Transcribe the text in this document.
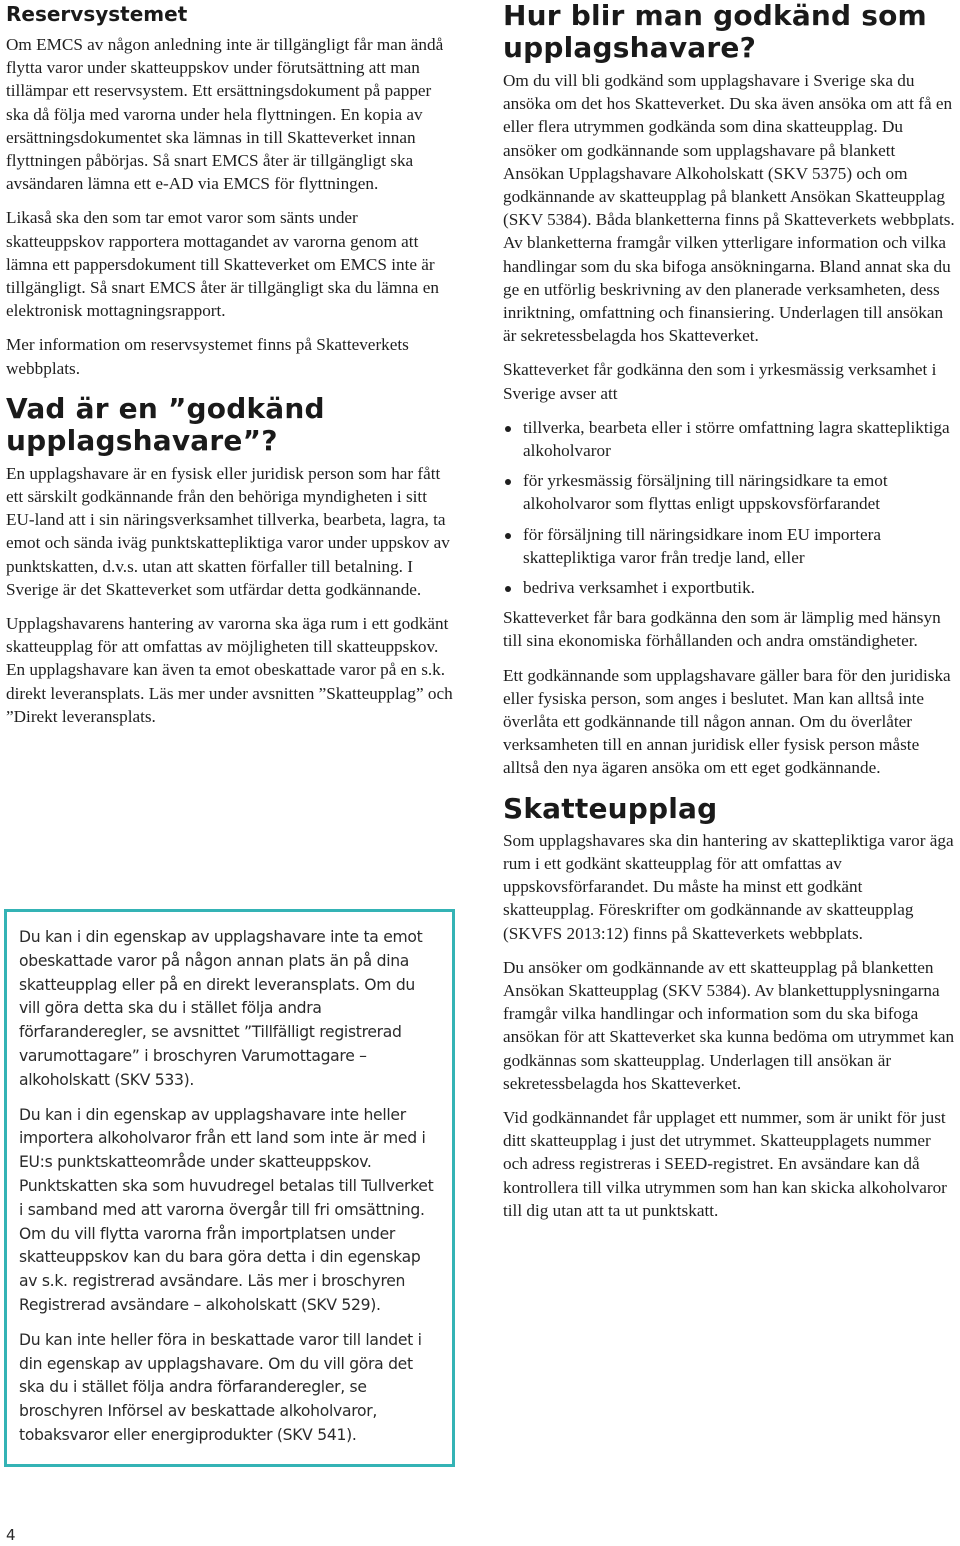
Reservsystemet

Om EMCS av någon anledning inte är tillgängligt får man ändå flytta varor under skatteuppskov under förutsättning att man tillämpar ett reservsystem. Ett ersättningsdokument på papper ska då följa med varorna under hela flyttningen. En kopia av ersättningsdokumentet ska lämnas in till Skatteverket innan flyttningen påbörjas. Så snart EMCS åter är tillgängligt ska avsändaren lämna ett e-AD via EMCS för flyttningen.

Likaså ska den som tar emot varor som sänts under skatteuppskov rapportera mottagandet av varorna genom att lämna ett pappersdokument till Skatteverket om EMCS inte är tillgängligt. Så snart EMCS åter är tillgängligt ska du lämna en elektronisk mottagningsrapport.

Mer information om reservsystemet finns på Skatteverkets webbplats.

Vad är en ”godkänd upplagshavare”?

En upplagshavare är en fysisk eller juridisk person som har fått ett särskilt godkännande från den behöriga myndigheten i sitt EU-land att i sin näringsverksamhet tillverka, bearbeta, lagra, ta emot och sända iväg punktskattepliktiga varor under uppskov av punktskatten, d.v.s. utan att skatten förfaller till betalning. I Sverige är det Skatteverket som utfärdar detta godkännande.

Upplagshavarens hantering av varorna ska äga rum i ett godkänt skatteupplag för att omfattas av möjligheten till skatteuppskov. En upplagshavare kan även ta emot obeskattade varor på en s.k. direkt leveransplats. Läs mer under avsnitten ”Skatteupplag” och ”Direkt leveransplats.

Du kan i din egenskap av upplagshavare inte ta emot obeskattade varor på någon annan plats än på dina skatteupplag eller på en direkt leveransplats. Om du vill göra detta ska du i stället följa andra förfaranderegler, se avsnittet ”Tillfälligt registrerad varumottagare” i broschyren Varumottagare – alkoholskatt (SKV 533).

Du kan i din egenskap av upplagshavare inte heller importera alkoholvaror från ett land som inte är med i EU:s punktskatteområde under skatteuppskov. Punktskatten ska som huvudregel betalas till Tullverket i samband med att varorna övergår till fri omsättning. Om du vill flytta varorna från importplatsen under skatteuppskov kan du bara göra detta i din egenskap av s.k. registrerad avsändare. Läs mer i broschyren Registrerad avsändare – alkoholskatt (SKV 529).

Du kan inte heller föra in beskattade varor till landet i din egenskap av upplagshavare. Om du vill göra det ska du i stället följa andra förfaranderegler, se broschyren Införsel av beskattade alkoholvaror, tobaksvaror eller energiprodukter (SKV 541).

Hur blir man godkänd som upplagshavare?

Om du vill bli godkänd som upplagshavare i Sverige ska du ansöka om det hos Skatteverket. Du ska även ansöka om att få en eller flera utrymmen godkända som dina skatteupplag. Du ansöker om godkännande som upplagshavare på blankett Ansökan Upplagshavare Alkoholskatt (SKV 5375) och om godkännande av skatteupplag på blankett Ansökan Skatteupplag (SKV 5384). Båda blanketterna finns på Skatteverkets webbplats. Av blanketterna framgår vilken ytterligare information och vilka handlingar som du ska bifoga ansökningarna. Bland annat ska du ge en utförlig beskrivning av den planerade verksamheten, dess inriktning, omfattning och finansiering. Underlagen till ansökan är sekretessbelagda hos Skatteverket.

Skatteverket får godkänna den som i yrkesmässig verksamhet i Sverige avser att

tillverka, bearbeta eller i större omfattning lagra skattepliktiga alkoholvaror
för yrkesmässig försäljning till näringsidkare ta emot alkoholvaror som flyttas enligt uppskovsförfarandet
för försäljning till näringsidkare inom EU importera skattepliktiga varor från tredje land, eller
bedriva verksamhet i exportbutik.

Skatteverket får bara godkänna den som är lämplig med hänsyn till sina ekonomiska förhållanden och andra omständigheter.

Ett godkännande som upplagshavare gäller bara för den juridiska eller fysiska person, som anges i beslutet. Man kan alltså inte överlåta ett godkännande till någon annan. Om du överlåter verksamheten till en annan juridisk eller fysisk person måste alltså den nya ägaren ansöka om ett eget godkännande.

Skatteupplag

Som upplagshavares ska din hantering av skattepliktiga varor äga rum i ett godkänt skatteupplag för att omfattas av uppskovsförfarandet. Du måste ha minst ett godkänt skatteupplag. Föreskrifter om godkännande av skatteupplag (SKVFS 2013:12) finns på Skatteverkets webbplats.

Du ansöker om godkännande av ett skatteupplag på blanketten Ansökan Skatteupplag (SKV 5384). Av blankettupplysningarna framgår vilka handlingar och information som du ska bifoga ansökan för att Skatteverket ska kunna bedöma om utrymmet kan godkännas som skatteupplag. Underlagen till ansökan är sekretessbelagda hos Skatteverket.

Vid godkännandet får upplaget ett nummer, som är unikt för just ditt skatteupplag i just det utrymmet. Skatteupplagets nummer och adress registreras i SEED-registret. En avsändare kan då kontrollera till vilka utrymmen som han kan skicka alkoholvaror till dig utan att ta ut punktskatt.

4
